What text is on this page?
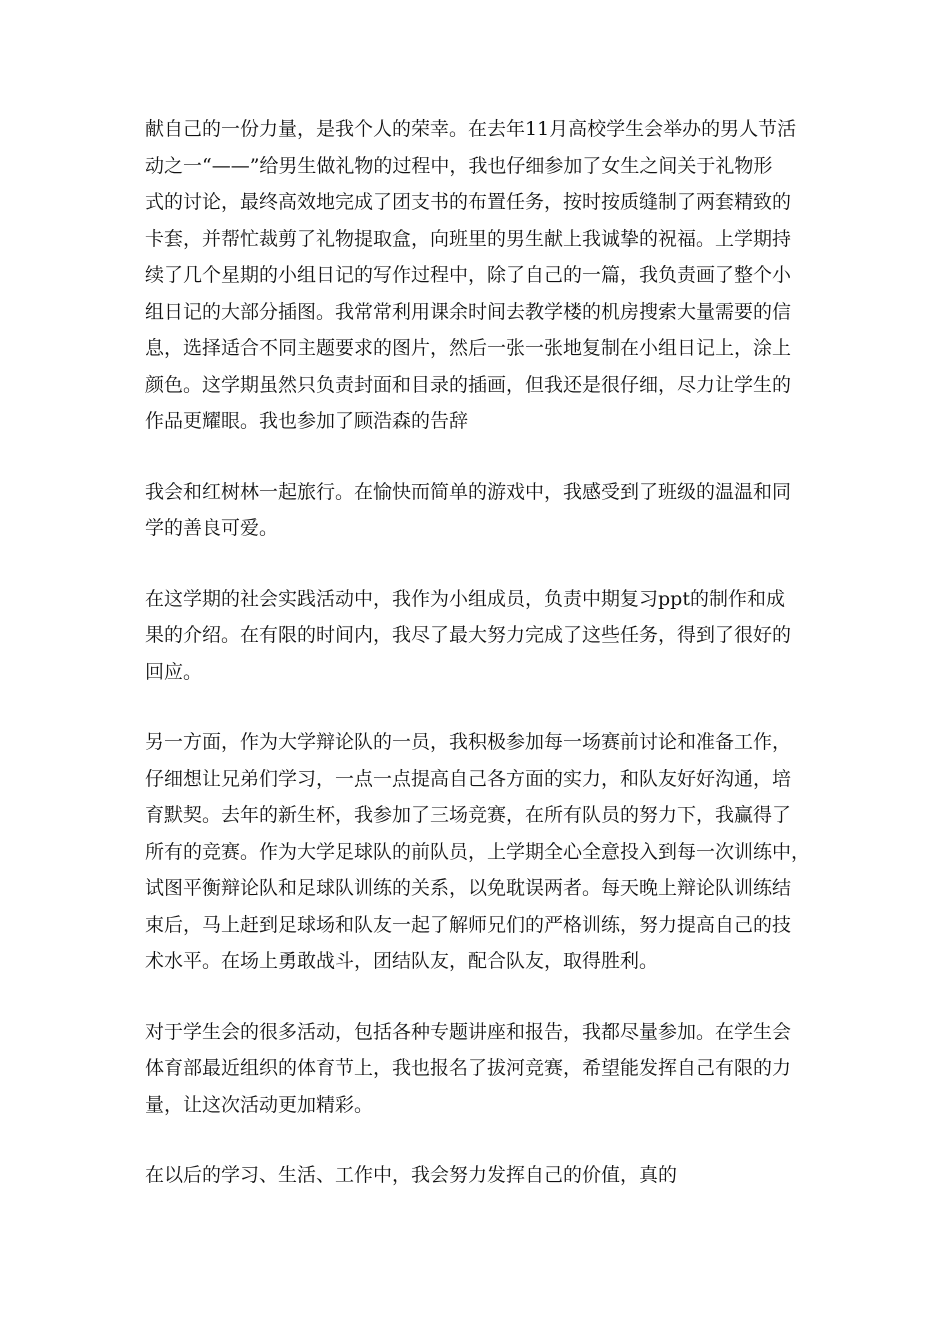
献自己的一份力量，是我个人的荣幸。在去年11月高校学生会举办的男人节活
动之一“——”给男生做礼物的过程中，我也仔细参加了女生之间关于礼物形
式的讨论，最终高效地完成了团支书的布置任务，按时按质缝制了两套精致的
卡套，并帮忙裁剪了礼物提取盒，向班里的男生献上我诚挚的祝福。上学期持
续了几个星期的小组日记的写作过程中，除了自己的一篇，我负责画了整个小
组日记的大部分插图。我常常利用课余时间去教学楼的机房搜索大量需要的信
息，选择适合不同主题要求的图片，然后一张一张地复制在小组日记上，涂上
颜色。这学期虽然只负责封面和目录的插画，但我还是很仔细，尽力让学生的
作品更耀眼。我也参加了顾浩森的告辞
我会和红树林一起旅行。在愉快而简单的游戏中，我感受到了班级的温温和同
学的善良可爱。
在这学期的社会实践活动中，我作为小组成员，负责中期复习ppt的制作和成
果的介绍。在有限的时间内，我尽了最大努力完成了这些任务，得到了很好的
回应。
另一方面，作为大学辩论队的一员，我积极参加每一场赛前讨论和准备工作，
仔细想让兄弟们学习，一点一点提高自己各方面的实力，和队友好好沟通，培
育默契。去年的新生杯，我参加了三场竞赛，在所有队员的努力下，我赢得了
所有的竞赛。作为大学足球队的前队员，上学期全心全意投入到每一次训练中，
试图平衡辩论队和足球队训练的关系，以免耽误两者。每天晚上辩论队训练结
束后，马上赶到足球场和队友一起了解师兄们的严格训练，努力提高自己的技
术水平。在场上勇敢战斗，团结队友，配合队友，取得胜利。
对于学生会的很多活动，包括各种专题讲座和报告，我都尽量参加。在学生会
体育部最近组织的体育节上，我也报名了拔河竞赛，希望能发挥自己有限的力
量，让这次活动更加精彩。
在以后的学习、生活、工作中，我会努力发挥自己的价值，真的
